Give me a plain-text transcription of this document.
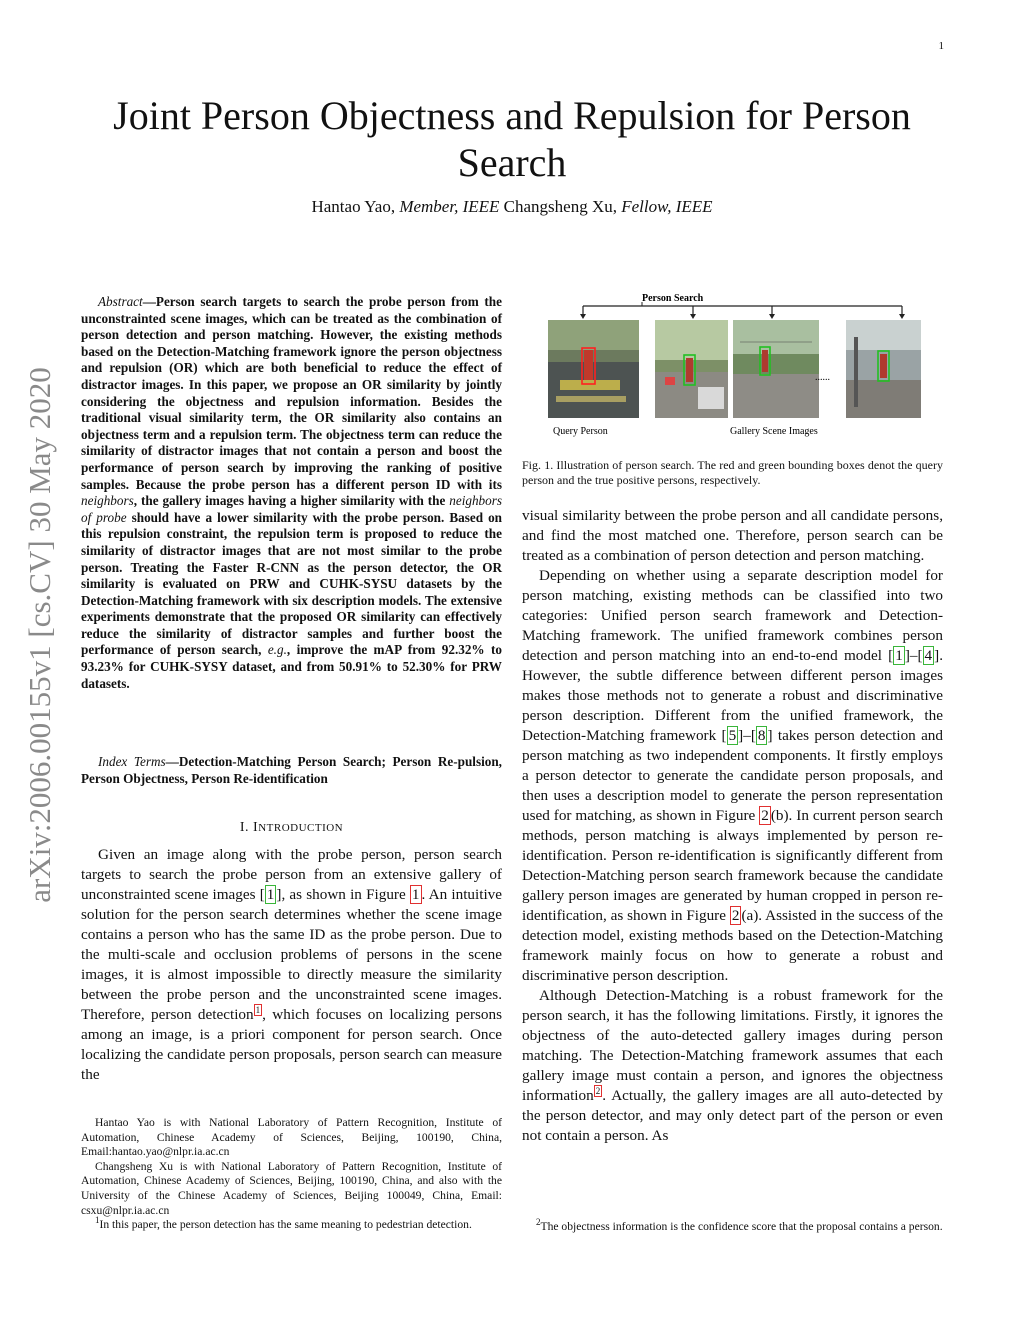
1
arXiv:2006.00155v1 [cs.CV] 30 May 2020
Joint Person Objectness and Repulsion for Person Search
Hantao Yao, Member, IEEE Changsheng Xu, Fellow, IEEE

Abstract—Person search targets to search the probe person from the unconstrainted scene images, which can be treated as the combination of person detection and person matching. However, the existing methods based on the Detection-Matching framework ignore the person objectness and repulsion (OR) which are both beneficial to reduce the effect of distractor images. In this paper, we propose an OR similarity by jointly considering the objectness and repulsion information. Besides the traditional visual similarity term, the OR similarity also contains an objectness term and a repulsion term. The objectness term can reduce the similarity of distractor images that not contain a person and boost the performance of person search by improving the ranking of positive samples. Because the probe person has a different person ID with its neighbors, the gallery images having a higher similarity with the neighbors of probe should have a lower similarity with the probe person. Based on this repulsion constraint, the repulsion term is proposed to reduce the similarity of distractor images that are not most similar to the probe person. Treating the Faster R-CNN as the person detector, the OR similarity is evaluated on PRW and CUHK-SYSU datasets by the Detection-Matching framework with six description models. The extensive experiments demonstrate that the proposed OR similarity can effectively reduce the similarity of distractor samples and further boost the performance of person search, e.g., improve the mAP from 92.32% to 93.23% for CUHK-SYSY dataset, and from 50.91% to 52.30% for PRW datasets.

Index Terms—Detection-Matching Person Search; Person Re-pulsion, Person Objectness, Person Re-identification

I. INTRODUCTION

Given an image along with the probe person, person search targets to search the probe person from an extensive gallery of unconstrainted scene images [ 1 ], as shown in Figure 1 . An intuitive solution for the person search determines whether the scene image contains a person who has the same ID as the probe person. Due to the multi-scale and occlusion problems of persons in the scene images, it is almost impossible to directly measure the similarity between the probe person and the unconstrainted scene images. Therefore, person detection $^1$ , which focuses on localizing persons among an image, is a priori component for person search. Once localizing the candidate person proposals, person search can measure the

Hantao Yao is with National Laboratory of Pattern Recognition, Institute of Automation, Chinese Academy of Sciences, Beijing, 100190, China, Email:hantao.yao@nlpr.ia.ac.cn

Changsheng Xu is with National Laboratory of Pattern Recognition, Institute of Automation, Chinese Academy of Sciences, Beijing, 100190, China, and also with the University of the Chinese Academy of Sciences, Beijing 100049, China, Email: csxu@nlpr.ia.ac.cn

$^1$In this paper, the person detection has the same meaning to pedestrian detection.

Person Search
......
Query Person	Gallery Scene Images
Fig. 1. Illustration of person search. The red and green bounding boxes denot the query person and the true positive persons, respectively.

visual similarity between the probe person and all candidate persons, and find the most matched one. Therefore, person search can be treated as a combination of person detection and person matching.

Depending on whether using a separate description model for person matching, existing methods can be classified into two categories: Unified person search framework and Detection-Matching framework. The unified framework combines person detection and person matching into an end-to-end model [ 1 ]–[ 4 ]. However, the subtle difference between different person images makes those methods not to generate a robust and discriminative person description. Different from the unified framework, the Detection-Matching framework [ 5 ]–[ 8 ] takes person detection and person matching as two independent components. It firstly employs a person detector to generate the candidate person proposals, and then uses a description model to generate the person representation used for matching, as shown in Figure 2 (b). In current person search methods, person matching is always implemented by person re-identification. Person re-identification is significantly different from Detection-Matching person search framework because the candidate gallery person images are generated by human cropped in person re-identification, as shown in Figure 2 (a). Assisted in the success of the detection model, existing methods based on the Detection-Matching framework mainly focus on how to generate a robust and discriminative person description.

Although Detection-Matching is a robust framework for the person search, it has the following limitations. Firstly, it ignores the objectness of the auto-detected gallery images during person matching. The Detection-Matching framework assumes that each gallery image must contain a person, and ignores the objectness information $^2$ . Actually, the gallery images are all auto-detected by the person detector, and may only detect part of the person or even not contain a person. As

$^2$The objectness information is the confidence score that the proposal contains a person.
